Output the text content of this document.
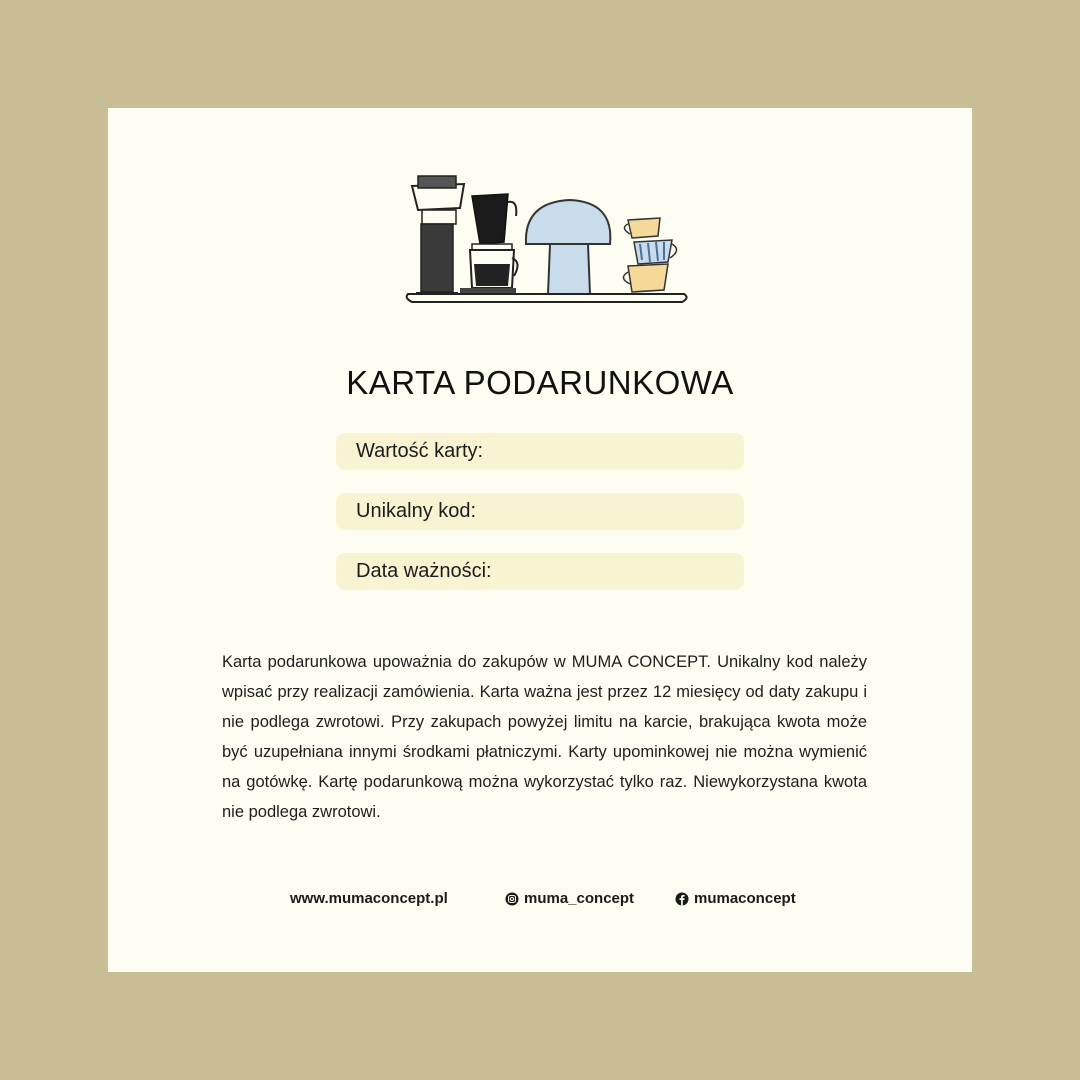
KARTA PODARUNKOWA
Wartość karty:
Unikalny kod:
Data ważności:
Karta podarunkowa upoważnia do zakupów w MUMA CONCEPT. Unikalny kod należy wpisać przy realizacji zamówienia. Karta ważna jest przez 12 miesięcy od daty zakupu i nie podlega zwrotowi. Przy zakupach powyżej limitu na karcie, brakująca kwota może być uzupełniana innymi środkami płatniczymi. Karty upominkowej nie można wymienić na gotówkę. Kartę podarunkową można wykorzystać tylko raz. Niewykorzystana kwota nie podlega zwrotowi.
www.mumaconcept.pl	muma_concept	mumaconcept
